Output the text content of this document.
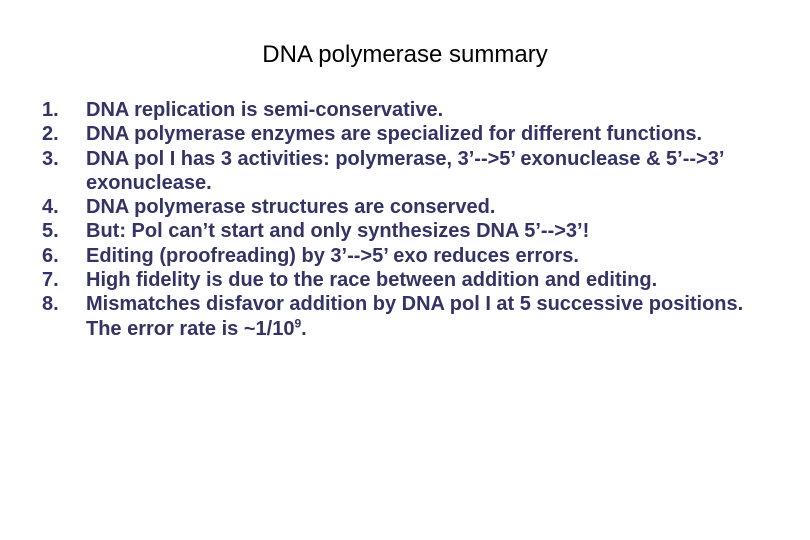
DNA polymerase summary
1.	DNA replication is semi-conservative.
2.	DNA polymerase enzymes are specialized for different functions.
3.	DNA pol I has 3 activities: polymerase, 3’-->5’ exonuclease & 5’-->3’ exonuclease.
4.	DNA polymerase structures are conserved.
5.	But: Pol can’t start and only synthesizes DNA 5’-->3’!
6.	Editing (proofreading) by 3’-->5’ exo reduces errors.
7.	High fidelity is due to the race between addition and editing.
8.	Mismatches disfavor addition by DNA pol I at 5 successive positions. The error rate is $\sim 1/10^9$.
